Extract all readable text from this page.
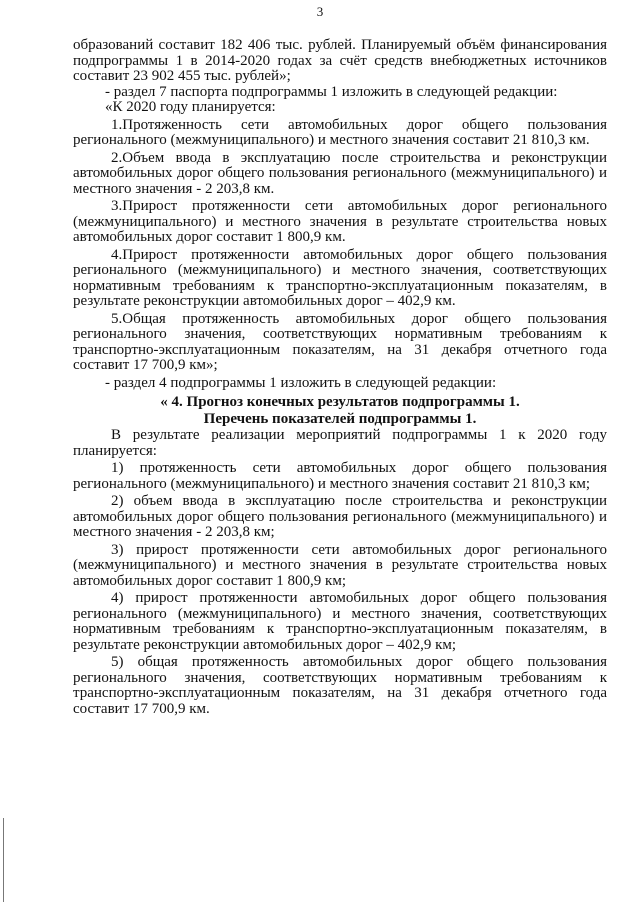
3

образований составит 182 406 тыс. рублей. Планируемый объём финансирования подпрограммы 1 в 2014-2020 годах за счёт средств внебюджетных источников составит 23 902 455 тыс. рублей»;

- раздел 7 паспорта подпрограммы 1 изложить в следующей редакции:

«К 2020 году планируется:

1.Протяженность сети автомобильных дорог общего пользования регионального (межмуниципального) и местного значения составит 21 810,3 км.

2.Объем ввода в эксплуатацию после строительства и реконструкции автомобильных дорог общего пользования регионального (межмуниципального) и местного значения - 2 203,8 км.

3.Прирост протяженности сети автомобильных дорог регионального (межмуниципального) и местного значения в результате строительства новых автомобильных дорог составит 1 800,9 км.

4.Прирост протяженности автомобильных дорог общего пользования регионального (межмуниципального) и местного значения, соответствующих нормативным требованиям к транспортно-эксплуатационным показателям, в результате реконструкции автомобильных дорог – 402,9 км.

5.Общая протяженность автомобильных дорог общего пользования регионального значения, соответствующих нормативным требованиям к транспортно-эксплуатационным показателям, на 31 декабря отчетного года составит 17 700,9 км»;

- раздел 4 подпрограммы 1 изложить в следующей редакции:

« 4. Прогноз конечных результатов подпрограммы 1.

Перечень показателей подпрограммы 1.

В результате реализации мероприятий подпрограммы 1 к 2020 году планируется:

1) протяженность сети автомобильных дорог общего пользования регионального (межмуниципального) и местного значения составит 21 810,3 км;

2) объем ввода в эксплуатацию после строительства и реконструкции автомобильных дорог общего пользования регионального (межмуниципального) и местного значения - 2 203,8 км;

3) прирост протяженности сети автомобильных дорог регионального (межмуниципального) и местного значения в результате строительства новых автомобильных дорог составит 1 800,9 км;

4) прирост протяженности автомобильных дорог общего пользования регионального (межмуниципального) и местного значения, соответствующих нормативным требованиям к транспортно-эксплуатационным показателям, в результате реконструкции автомобильных дорог – 402,9 км;

5) общая протяженность автомобильных дорог общего пользования регионального значения, соответствующих нормативным требованиям к транспортно-эксплуатационным показателям, на 31 декабря отчетного года составит 17 700,9 км.
